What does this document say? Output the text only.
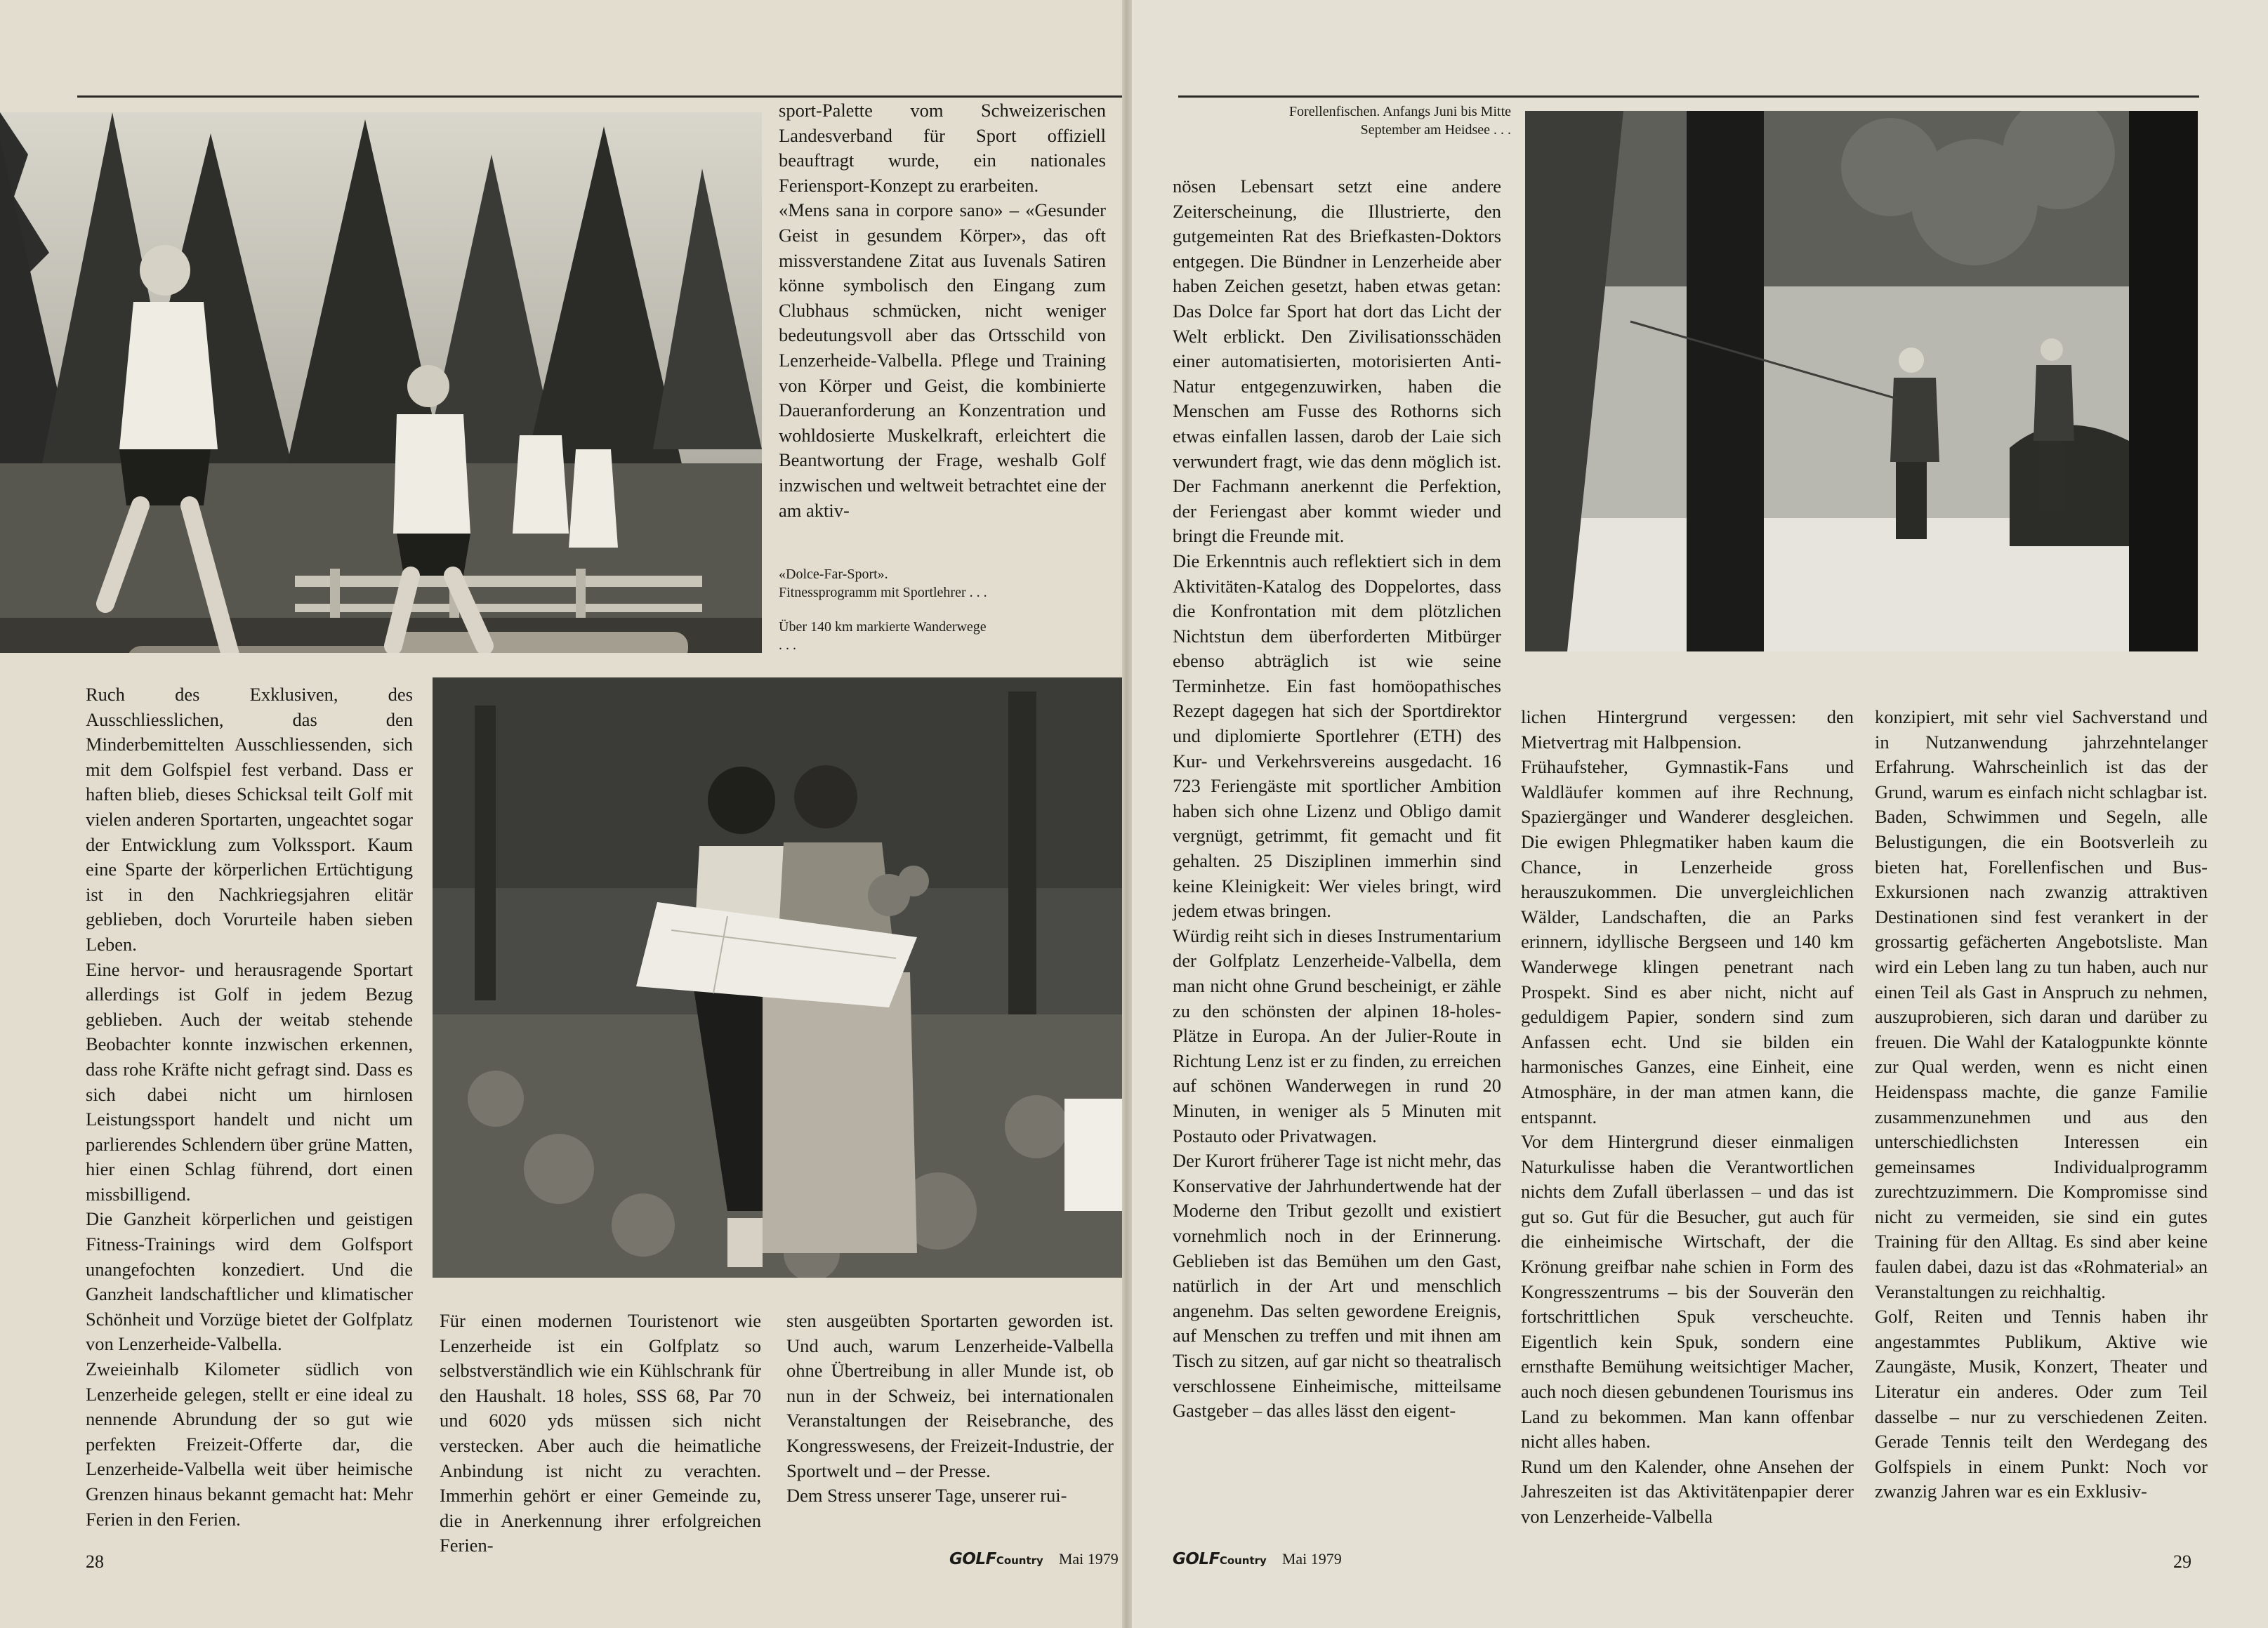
sport-Palette vom Schweizerischen Landesverband für Sport offiziell beauftragt wurde, ein nationales Feriensport-Konzept zu erarbeiten.

«Mens sana in corpore sano» – «Gesunder Geist in gesundem Körper», das oft missverstandene Zitat aus Iuvenals Satiren könne symbolisch den Eingang zum Clubhaus schmücken, nicht weniger bedeutungsvoll aber das Ortsschild von Lenzerheide-Valbella. Pflege und Training von Körper und Geist, die kombinierte Daueranforderung an Konzentration und wohldosierte Muskelkraft, erleichtert die Beantwortung der Frage, weshalb Golf inzwischen und weltweit betrachtet eine der am aktiv-

«Dolce-Far-Sport». Fitnessprogramm mit Sportlehrer . . .

Über 140 km markierte Wanderwege . . .

Ruch des Exklusiven, des Ausschliesslichen, das den Minderbemittelten Ausschliessenden, sich mit dem Golfspiel fest verband. Dass er haften blieb, dieses Schicksal teilt Golf mit vielen anderen Sportarten, ungeachtet sogar der Entwicklung zum Volkssport. Kaum eine Sparte der körperlichen Ertüchtigung ist in den Nachkriegsjahren elitär geblieben, doch Vorurteile haben sieben Leben.

Eine hervor- und herausragende Sportart allerdings ist Golf in jedem Bezug geblieben. Auch der weitab stehende Beobachter konnte inzwischen erkennen, dass rohe Kräfte nicht gefragt sind. Dass es sich dabei nicht um hirnlosen Leistungssport handelt und nicht um parlierendes Schlendern über grüne Matten, hier einen Schlag führend, dort einen missbilligend.

Die Ganzheit körperlichen und geistigen Fitness-Trainings wird dem Golfsport unangefochten konzediert. Und die Ganzheit landschaftlicher und klimatischer Schönheit und Vorzüge bietet der Golfplatz von Lenzerheide-Valbella.

Zweieinhalb Kilometer südlich von Lenzerheide gelegen, stellt er eine ideal zu nennende Abrundung der so gut wie perfekten Freizeit-Offerte dar, die Lenzerheide-Valbella weit über heimische Grenzen hinaus bekannt gemacht hat: Mehr Ferien in den Ferien.

Für einen modernen Touristenort wie Lenzerheide ist ein Golfplatz so selbstverständlich wie ein Kühlschrank für den Haushalt. 18 holes, SSS 68, Par 70 und 6020 yds müssen sich nicht verstecken. Aber auch die heimatliche Anbindung ist nicht zu verachten. Immerhin gehört er einer Gemeinde zu, die in Anerkennung ihrer erfolgreichen Ferien-

sten ausgeübten Sportarten geworden ist. Und auch, warum Lenzerheide-Valbella ohne Übertreibung in aller Munde ist, ob nun in der Schweiz, bei internationalen Veranstaltungen der Reisebranche, des Kongresswesens, der Freizeit-Industrie, der Sportwelt und – der Presse.

Dem Stress unserer Tage, unserer rui-

28	GOLFCountry Mai 1979

Forellenfischen. Anfangs Juni bis Mitte September am Heidsee . . .

nösen Lebensart setzt eine andere Zeiterscheinung, die Illustrierte, den gutgemeinten Rat des Briefkasten-Doktors entgegen. Die Bündner in Lenzerheide aber haben Zeichen gesetzt, haben etwas getan: Das Dolce far Sport hat dort das Licht der Welt erblickt. Den Zivilisationsschäden einer automatisierten, motorisierten Anti-Natur entgegenzuwirken, haben die Menschen am Fusse des Rothorns sich etwas einfallen lassen, darob der Laie sich verwundert fragt, wie das denn möglich ist. Der Fachmann anerkennt die Perfektion, der Feriengast aber kommt wieder und bringt die Freunde mit.

Die Erkenntnis auch reflektiert sich in dem Aktivitäten-Katalog des Doppelortes, dass die Konfrontation mit dem plötzlichen Nichtstun dem überforderten Mitbürger ebenso abträglich ist wie seine Terminhetze. Ein fast homöopathisches Rezept dagegen hat sich der Sportdirektor und diplomierte Sportlehrer (ETH) des Kur- und Verkehrsvereins ausgedacht. 16 723 Feriengäste mit sportlicher Ambition haben sich ohne Lizenz und Obligo damit vergnügt, getrimmt, fit gemacht und fit gehalten. 25 Disziplinen immerhin sind keine Kleinigkeit: Wer vieles bringt, wird jedem etwas bringen.

Würdig reiht sich in dieses Instrumentarium der Golfplatz Lenzerheide-Valbella, dem man nicht ohne Grund bescheinigt, er zähle zu den schönsten der alpinen 18-holes-Plätze in Europa. An der Julier-Route in Richtung Lenz ist er zu finden, zu erreichen auf schönen Wanderwegen in rund 20 Minuten, in weniger als 5 Minuten mit Postauto oder Privatwagen.

Der Kurort früherer Tage ist nicht mehr, das Konservative der Jahrhundertwende hat der Moderne den Tribut gezollt und existiert vornehmlich noch in der Erinnerung. Geblieben ist das Bemühen um den Gast, natürlich in der Art und menschlich angenehm. Das selten gewordene Ereignis, auf Menschen zu treffen und mit ihnen am Tisch zu sitzen, auf gar nicht so theatralisch verschlossene Einheimische, mitteilsame Gastgeber – das alles lässt den eigent-

lichen Hintergrund vergessen: den Mietvertrag mit Halbpension.

Frühaufsteher, Gymnastik-Fans und Waldläufer kommen auf ihre Rechnung, Spaziergänger und Wanderer desgleichen. Die ewigen Phlegmatiker haben kaum die Chance, in Lenzerheide gross herauszukommen. Die unvergleichlichen Wälder, Landschaften, die an Parks erinnern, idyllische Bergseen und 140 km Wanderwege klingen penetrant nach Prospekt. Sind es aber nicht, nicht auf geduldigem Papier, sondern sind zum Anfassen echt. Und sie bilden ein harmonisches Ganzes, eine Einheit, eine Atmosphäre, in der man atmen kann, die entspannt.

Vor dem Hintergrund dieser einmaligen Naturkulisse haben die Verantwortlichen nichts dem Zufall überlassen – und das ist gut so. Gut für die Besucher, gut auch für die einheimische Wirtschaft, der die Krönung greifbar nahe schien in Form des Kongresszentrums – bis der Souverän den fortschrittlichen Spuk verscheuchte. Eigentlich kein Spuk, sondern eine ernsthafte Bemühung weitsichtiger Macher, auch noch diesen gebundenen Tourismus ins Land zu bekommen. Man kann offenbar nicht alles haben.

Rund um den Kalender, ohne Ansehen der Jahreszeiten ist das Aktivitätenpapier derer von Lenzerheide-Valbella

konzipiert, mit sehr viel Sachverstand und in Nutzanwendung jahrzehntelanger Erfahrung. Wahrscheinlich ist das der Grund, warum es einfach nicht schlagbar ist.

Baden, Schwimmen und Segeln, alle Belustigungen, die ein Bootsverleih zu bieten hat, Forellenfischen und Bus-Exkursionen nach zwanzig attraktiven Destinationen sind fest verankert in der grossartig gefächerten Angebotsliste. Man wird ein Leben lang zu tun haben, auch nur einen Teil als Gast in Anspruch zu nehmen, auszuprobieren, sich daran und darüber zu freuen. Die Wahl der Katalogpunkte könnte zur Qual werden, wenn es nicht einen Heidenspass machte, die ganze Familie zusammenzunehmen und aus den unterschiedlichsten Interessen ein gemeinsames Individualprogramm zurechtzuzimmern. Die Kompromisse sind nicht zu vermeiden, sie sind ein gutes Training für den Alltag. Es sind aber keine faulen dabei, dazu ist das «Rohmaterial» an Veranstaltungen zu reichhaltig.

Golf, Reiten und Tennis haben ihr angestammtes Publikum, Aktive wie Zaungäste, Musik, Konzert, Theater und Literatur ein anderes. Oder zum Teil dasselbe – nur zu verschiedenen Zeiten. Gerade Tennis teilt den Werdegang des Golfspiels in einem Punkt: Noch vor zwanzig Jahren war es ein Exklusiv-

GOLFCountry Mai 1979	29
